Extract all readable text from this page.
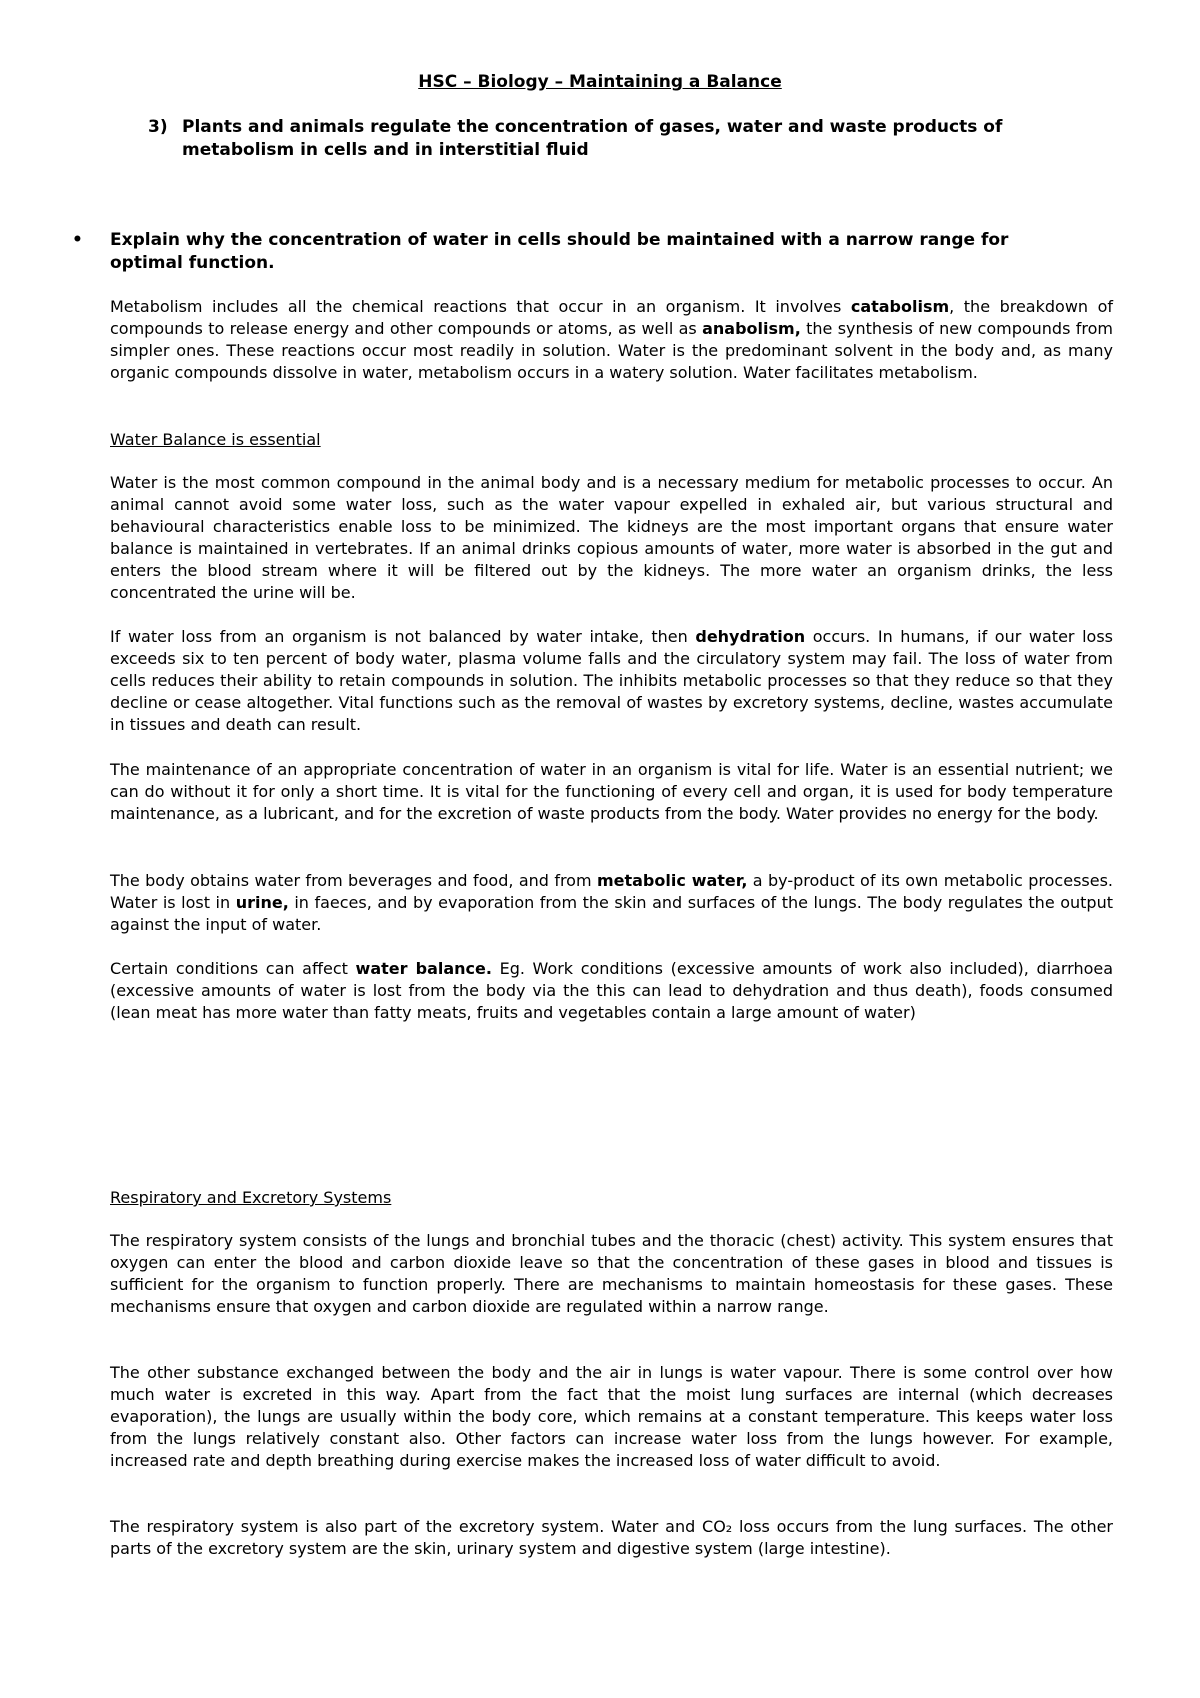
HSC – Biology – Maintaining a Balance
3) Plants and animals regulate the concentration of gases, water and waste products of metabolism in cells and in interstitial fluid
• Explain why the concentration of water in cells should be maintained with a narrow range for optimal function.

Metabolism includes all the chemical reactions that occur in an organism. It involves catabolism, the breakdown of compounds to release energy and other compounds or atoms, as well as anabolism, the synthesis of new compounds from simpler ones. These reactions occur most readily in solution. Water is the predominant solvent in the body and, as many organic compounds dissolve in water, metabolism occurs in a watery solution. Water facilitates metabolism.

Water Balance is essential

Water is the most common compound in the animal body and is a necessary medium for metabolic processes to occur. An animal cannot avoid some water loss, such as the water vapour expelled in exhaled air, but various structural and behavioural characteristics enable loss to be minimized. The kidneys are the most important organs that ensure water balance is maintained in vertebrates. If an animal drinks copious amounts of water, more water is absorbed in the gut and enters the blood stream where it will be filtered out by the kidneys. The more water an organism drinks, the less concentrated the urine will be.

If water loss from an organism is not balanced by water intake, then dehydration occurs. In humans, if our water loss exceeds six to ten percent of body water, plasma volume falls and the circulatory system may fail. The loss of water from cells reduces their ability to retain compounds in solution. The inhibits metabolic processes so that they reduce so that they decline or cease altogether. Vital functions such as the removal of wastes by excretory systems, decline, wastes accumulate in tissues and death can result.

The maintenance of an appropriate concentration of water in an organism is vital for life. Water is an essential nutrient; we can do without it for only a short time. It is vital for the functioning of every cell and organ, it is used for body temperature maintenance, as a lubricant, and for the excretion of waste products from the body. Water provides no energy for the body.

The body obtains water from beverages and food, and from metabolic water, a by-product of its own metabolic processes. Water is lost in urine, in faeces, and by evaporation from the skin and surfaces of the lungs. The body regulates the output against the input of water.

Certain conditions can affect water balance. Eg. Work conditions (excessive amounts of work also included), diarrhoea (excessive amounts of water is lost from the body via the this can lead to dehydration and thus death), foods consumed (lean meat has more water than fatty meats, fruits and vegetables contain a large amount of water)

Respiratory and Excretory Systems

The respiratory system consists of the lungs and bronchial tubes and the thoracic (chest) activity. This system ensures that oxygen can enter the blood and carbon dioxide leave so that the concentration of these gases in blood and tissues is sufficient for the organism to function properly. There are mechanisms to maintain homeostasis for these gases. These mechanisms ensure that oxygen and carbon dioxide are regulated within a narrow range.

The other substance exchanged between the body and the air in lungs is water vapour. There is some control over how much water is excreted in this way. Apart from the fact that the moist lung surfaces are internal (which decreases evaporation), the lungs are usually within the body core, which remains at a constant temperature. This keeps water loss from the lungs relatively constant also. Other factors can increase water loss from the lungs however. For example, increased rate and depth breathing during exercise makes the increased loss of water difficult to avoid.

The respiratory system is also part of the excretory system. Water and CO₂ loss occurs from the lung surfaces. The other parts of the excretory system are the skin, urinary system and digestive system (large intestine).
